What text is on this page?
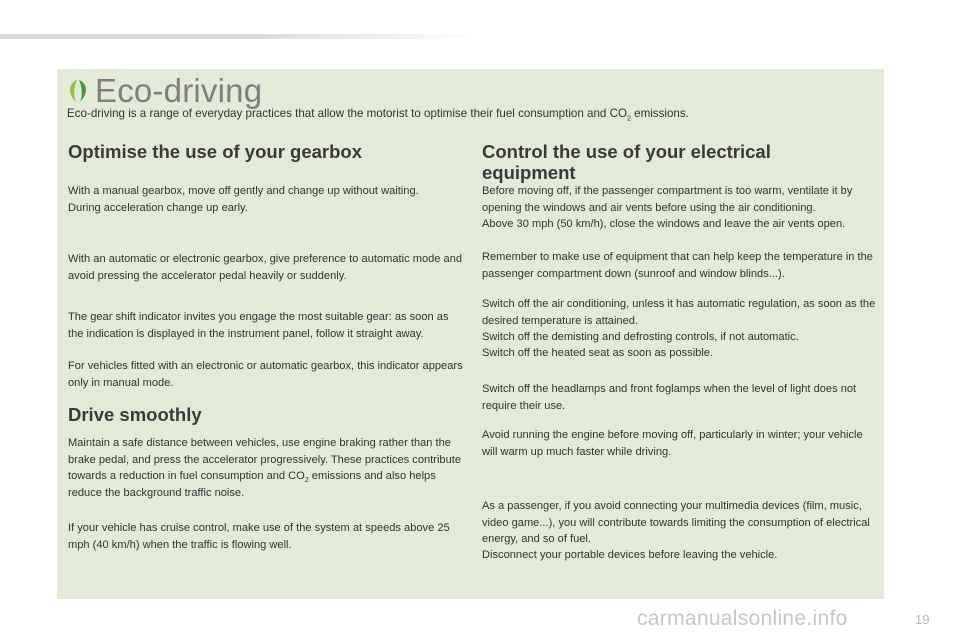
Eco-driving
Eco-driving is a range of everyday practices that allow the motorist to optimise their fuel consumption and $CO_2$ emissions.
Optimise the use of your gearbox

With a manual gearbox, move off gently and change up without waiting.
During acceleration change up early.

With an automatic or electronic gearbox, give preference to automatic mode and avoid pressing the accelerator pedal heavily or suddenly.

The gear shift indicator invites you engage the most suitable gear: as soon as the indication is displayed in the instrument panel, follow it straight away.

For vehicles fitted with an electronic or automatic gearbox, this indicator appears only in manual mode.

Drive smoothly

Maintain a safe distance between vehicles, use engine braking rather than the brake pedal, and press the accelerator progressively. These practices contribute towards a reduction in fuel consumption and $CO_2$ emissions and also helps reduce the background traffic noise.

If your vehicle has cruise control, make use of the system at speeds above 25 mph (40 km/h) when the traffic is flowing well.

Control the use of your electrical
equipment

Before moving off, if the passenger compartment is too warm, ventilate it by opening the windows and air vents before using the air conditioning.

Above 30 mph (50 km/h), close the windows and leave the air vents open.

Remember to make use of equipment that can help keep the temperature in the passenger compartment down (sunroof and window blinds...).

Switch off the air conditioning, unless it has automatic regulation, as soon as the desired temperature is attained.

Switch off the demisting and defrosting controls, if not automatic.

Switch off the heated seat as soon as possible.

Switch off the headlamps and front foglamps when the level of light does not require their use.

Avoid running the engine before moving off, particularly in winter; your vehicle will warm up much faster while driving.

As a passenger, if you avoid connecting your multimedia devices (film, music, video game...), you will contribute towards limiting the consumption of electrical energy, and so of fuel.

Disconnect your portable devices before leaving the vehicle.

carmanualsonline.info	19
